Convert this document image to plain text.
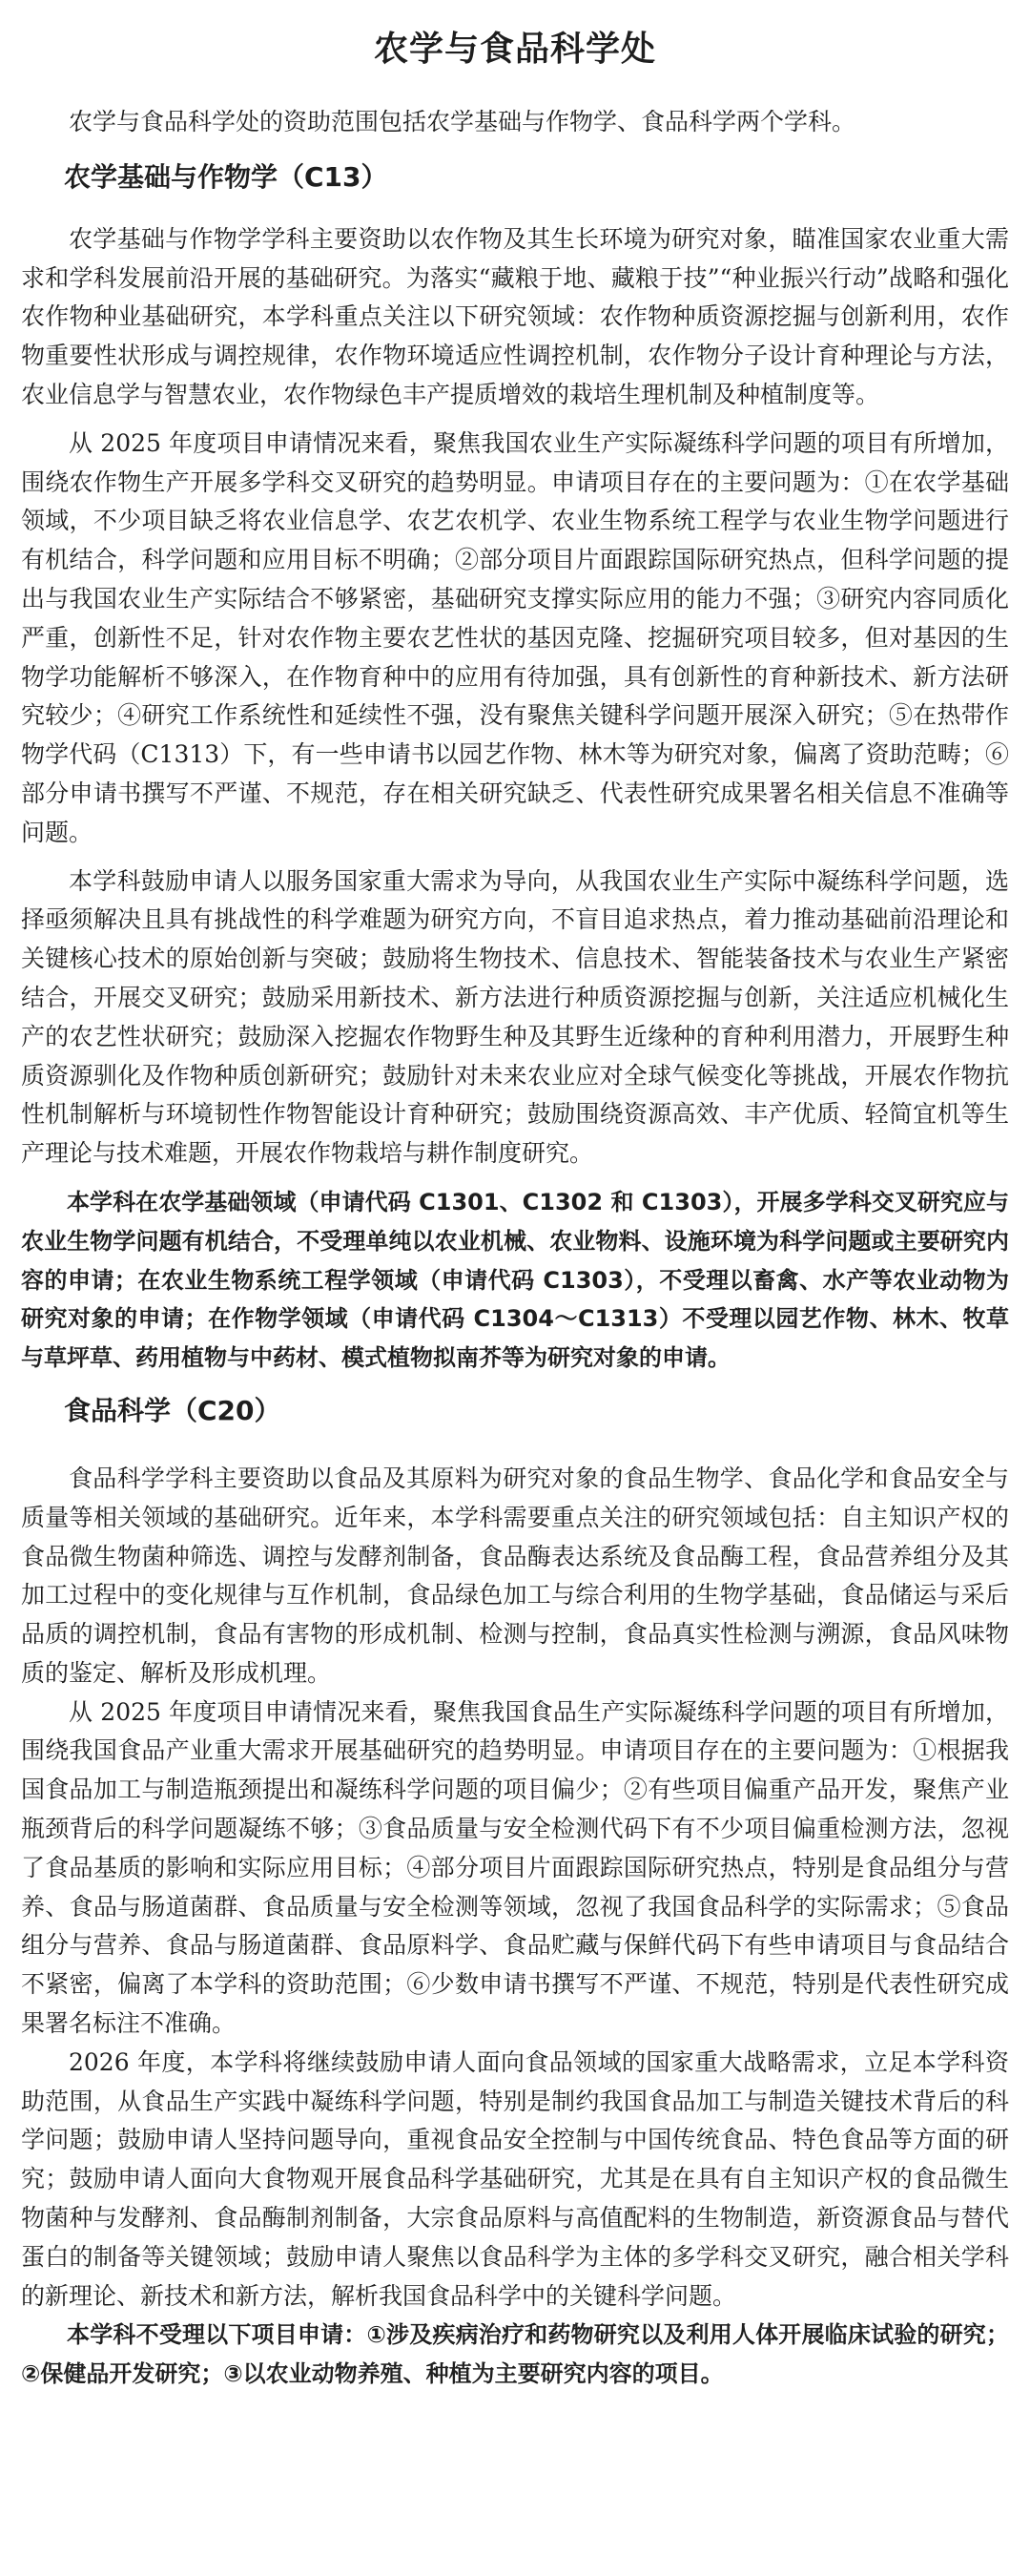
农学与食品科学处

农学与食品科学处的资助范围包括农学基础与作物学、食品科学两个学科。

农学基础与作物学（C13）

农学基础与作物学学科主要资助以农作物及其生长环境为研究对象，瞄准国家农业重大需求和学科发展前沿开展的基础研究。为落实“藏粮于地、藏粮于技”“种业振兴行动”战略和强化农作物种业基础研究，本学科重点关注以下研究领域：农作物种质资源挖掘与创新利用，农作物重要性状形成与调控规律，农作物环境适应性调控机制，农作物分子设计育种理论与方法，农业信息学与智慧农业，农作物绿色丰产提质增效的栽培生理机制及种植制度等。

从 2025 年度项目申请情况来看，聚焦我国农业生产实际凝练科学问题的项目有所增加，围绕农作物生产开展多学科交叉研究的趋势明显。申请项目存在的主要问题为：①在农学基础领域，不少项目缺乏将农业信息学、农艺农机学、农业生物系统工程学与农业生物学问题进行有机结合，科学问题和应用目标不明确；②部分项目片面跟踪国际研究热点，但科学问题的提出与我国农业生产实际结合不够紧密，基础研究支撑实际应用的能力不强；③研究内容同质化严重，创新性不足，针对农作物主要农艺性状的基因克隆、挖掘研究项目较多，但对基因的生物学功能解析不够深入，在作物育种中的应用有待加强，具有创新性的育种新技术、新方法研究较少；④研究工作系统性和延续性不强，没有聚焦关键科学问题开展深入研究；⑤在热带作物学代码（C1313）下，有一些申请书以园艺作物、林木等为研究对象，偏离了资助范畴；⑥部分申请书撰写不严谨、不规范，存在相关研究缺乏、代表性研究成果署名相关信息不准确等问题。

本学科鼓励申请人以服务国家重大需求为导向，从我国农业生产实际中凝练科学问题，选择亟须解决且具有挑战性的科学难题为研究方向，不盲目追求热点，着力推动基础前沿理论和关键核心技术的原始创新与突破；鼓励将生物技术、信息技术、智能装备技术与农业生产紧密结合，开展交叉研究；鼓励采用新技术、新方法进行种质资源挖掘与创新，关注适应机械化生产的农艺性状研究；鼓励深入挖掘农作物野生种及其野生近缘种的育种利用潜力，开展野生种质资源驯化及作物种质创新研究；鼓励针对未来农业应对全球气候变化等挑战，开展农作物抗性机制解析与环境韧性作物智能设计育种研究；鼓励围绕资源高效、丰产优质、轻简宜机等生产理论与技术难题，开展农作物栽培与耕作制度研究。

本学科在农学基础领域（申请代码 C1301、C1302 和 C1303），开展多学科交叉研究应与农业生物学问题有机结合，不受理单纯以农业机械、农业物料、设施环境为科学问题或主要研究内容的申请；在农业生物系统工程学领域（申请代码 C1303），不受理以畜禽、水产等农业动物为研究对象的申请；在作物学领域（申请代码 C1304～C1313）不受理以园艺作物、林木、牧草与草坪草、药用植物与中药材、模式植物拟南芥等为研究对象的申请。

食品科学（C20）

食品科学学科主要资助以食品及其原料为研究对象的食品生物学、食品化学和食品安全与质量等相关领域的基础研究。近年来，本学科需要重点关注的研究领域包括：自主知识产权的食品微生物菌种筛选、调控与发酵剂制备，食品酶表达系统及食品酶工程，食品营养组分及其加工过程中的变化规律与互作机制，食品绿色加工与综合利用的生物学基础，食品储运与采后品质的调控机制，食品有害物的形成机制、检测与控制，食品真实性检测与溯源，食品风味物质的鉴定、解析及形成机理。

从 2025 年度项目申请情况来看，聚焦我国食品生产实际凝练科学问题的项目有所增加，围绕我国食品产业重大需求开展基础研究的趋势明显。申请项目存在的主要问题为：①根据我国食品加工与制造瓶颈提出和凝练科学问题的项目偏少；②有些项目偏重产品开发，聚焦产业瓶颈背后的科学问题凝练不够；③食品质量与安全检测代码下有不少项目偏重检测方法，忽视了食品基质的影响和实际应用目标；④部分项目片面跟踪国际研究热点，特别是食品组分与营养、食品与肠道菌群、食品质量与安全检测等领域，忽视了我国食品科学的实际需求；⑤食品组分与营养、食品与肠道菌群、食品原料学、食品贮藏与保鲜代码下有些申请项目与食品结合不紧密，偏离了本学科的资助范围；⑥少数申请书撰写不严谨、不规范，特别是代表性研究成果署名标注不准确。

2026 年度，本学科将继续鼓励申请人面向食品领域的国家重大战略需求，立足本学科资助范围，从食品生产实践中凝练科学问题，特别是制约我国食品加工与制造关键技术背后的科学问题；鼓励申请人坚持问题导向，重视食品安全控制与中国传统食品、特色食品等方面的研究；鼓励申请人面向大食物观开展食品科学基础研究，尤其是在具有自主知识产权的食品微生物菌种与发酵剂、食品酶制剂制备，大宗食品原料与高值配料的生物制造，新资源食品与替代蛋白的制备等关键领域；鼓励申请人聚焦以食品科学为主体的多学科交叉研究，融合相关学科的新理论、新技术和新方法，解析我国食品科学中的关键科学问题。

本学科不受理以下项目申请：①涉及疾病治疗和药物研究以及利用人体开展临床试验的研究；②保健品开发研究；③以农业动物养殖、种植为主要研究内容的项目。
